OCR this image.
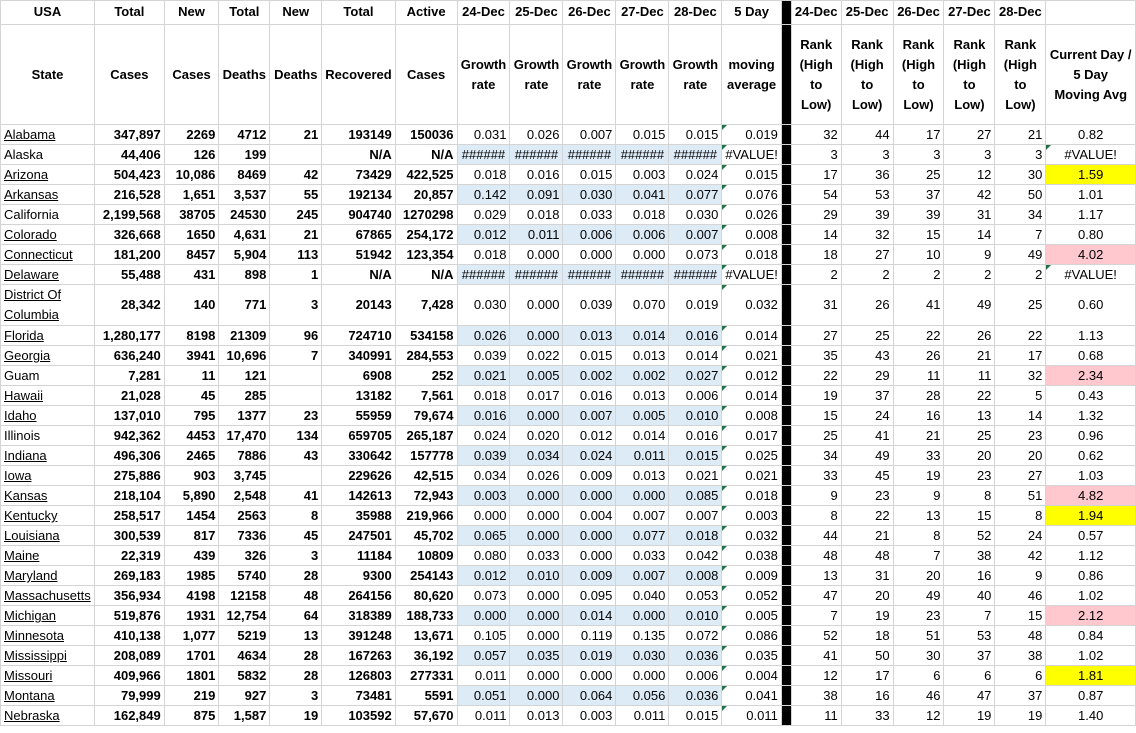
USA	Total	New	Total	New	Total	Active	24-Dec	25-Dec	26-Dec	27-Dec	28-Dec	5 Day		24-Dec	25-Dec	26-Dec	27-Dec	28-Dec	
State	Cases	Cases	Deaths	Deaths	Recovered	Cases	Growth rate	Growth rate	Growth rate	Growth rate	Growth rate	moving average		Rank (High to Low)	Rank (High to Low)	Rank (High to Low)	Rank (High to Low)	Rank (High to Low)	Current Day / 5 Day Moving Avg
Alabama	347,897	2269	4712	21	193149	150036	0.031	0.026	0.007	0.015	0.015	0.019		32	44	17	27	21	0.82
Alaska	44,406	126	199		N/A	N/A	######	######	######	######	######	#VALUE!		3	3	3	3	3	#VALUE!
Arizona	504,423	10,086	8469	42	73429	422,525	0.018	0.016	0.015	0.003	0.024	0.015		17	36	25	12	30	1.59
Arkansas	216,528	1,651	3,537	55	192134	20,857	0.142	0.091	0.030	0.041	0.077	0.076		54	53	37	42	50	1.01
California	2,199,568	38705	24530	245	904740	1270298	0.029	0.018	0.033	0.018	0.030	0.026		29	39	39	31	34	1.17
Colorado	326,668	1650	4,631	21	67865	254,172	0.012	0.011	0.006	0.006	0.007	0.008		14	32	15	14	7	0.80
Connecticut	181,200	8457	5,904	113	51942	123,354	0.018	0.000	0.000	0.000	0.073	0.018		18	27	10	9	49	4.02
Delaware	55,488	431	898	1	N/A	N/A	######	######	######	######	######	#VALUE!		2	2	2	2	2	#VALUE!
District Of Columbia	28,342	140	771	3	20143	7,428	0.030	0.000	0.039	0.070	0.019	0.032		31	26	41	49	25	0.60
Florida	1,280,177	8198	21309	96	724710	534158	0.026	0.000	0.013	0.014	0.016	0.014		27	25	22	26	22	1.13
Georgia	636,240	3941	10,696	7	340991	284,553	0.039	0.022	0.015	0.013	0.014	0.021		35	43	26	21	17	0.68
Guam	7,281	11	121		6908	252	0.021	0.005	0.002	0.002	0.027	0.012		22	29	11	11	32	2.34
Hawaii	21,028	45	285		13182	7,561	0.018	0.017	0.016	0.013	0.006	0.014		19	37	28	22	5	0.43
Idaho	137,010	795	1377	23	55959	79,674	0.016	0.000	0.007	0.005	0.010	0.008		15	24	16	13	14	1.32
Illinois	942,362	4453	17,470	134	659705	265,187	0.024	0.020	0.012	0.014	0.016	0.017		25	41	21	25	23	0.96
Indiana	496,306	2465	7886	43	330642	157778	0.039	0.034	0.024	0.011	0.015	0.025		34	49	33	20	20	0.62
Iowa	275,886	903	3,745		229626	42,515	0.034	0.026	0.009	0.013	0.021	0.021		33	45	19	23	27	1.03
Kansas	218,104	5,890	2,548	41	142613	72,943	0.003	0.000	0.000	0.000	0.085	0.018		9	23	9	8	51	4.82
Kentucky	258,517	1454	2563	8	35988	219,966	0.000	0.000	0.004	0.007	0.007	0.003		8	22	13	15	8	1.94
Louisiana	300,539	817	7336	45	247501	45,702	0.065	0.000	0.000	0.077	0.018	0.032		44	21	8	52	24	0.57
Maine	22,319	439	326	3	11184	10809	0.080	0.033	0.000	0.033	0.042	0.038		48	48	7	38	42	1.12
Maryland	269,183	1985	5740	28	9300	254143	0.012	0.010	0.009	0.007	0.008	0.009		13	31	20	16	9	0.86
Massachusetts	356,934	4198	12158	48	264156	80,620	0.073	0.000	0.095	0.040	0.053	0.052		47	20	49	40	46	1.02
Michigan	519,876	1931	12,754	64	318389	188,733	0.000	0.000	0.014	0.000	0.010	0.005		7	19	23	7	15	2.12
Minnesota	410,138	1,077	5219	13	391248	13,671	0.105	0.000	0.119	0.135	0.072	0.086		52	18	51	53	48	0.84
Mississippi	208,089	1701	4634	28	167263	36,192	0.057	0.035	0.019	0.030	0.036	0.035		41	50	30	37	38	1.02
Missouri	409,966	1801	5832	28	126803	277331	0.011	0.000	0.000	0.000	0.006	0.004		12	17	6	6	6	1.81
Montana	79,999	219	927	3	73481	5591	0.051	0.000	0.064	0.056	0.036	0.041		38	16	46	47	37	0.87
Nebraska	162,849	875	1,587	19	103592	57,670	0.011	0.013	0.003	0.011	0.015	0.011		11	33	12	19	19	1.40
